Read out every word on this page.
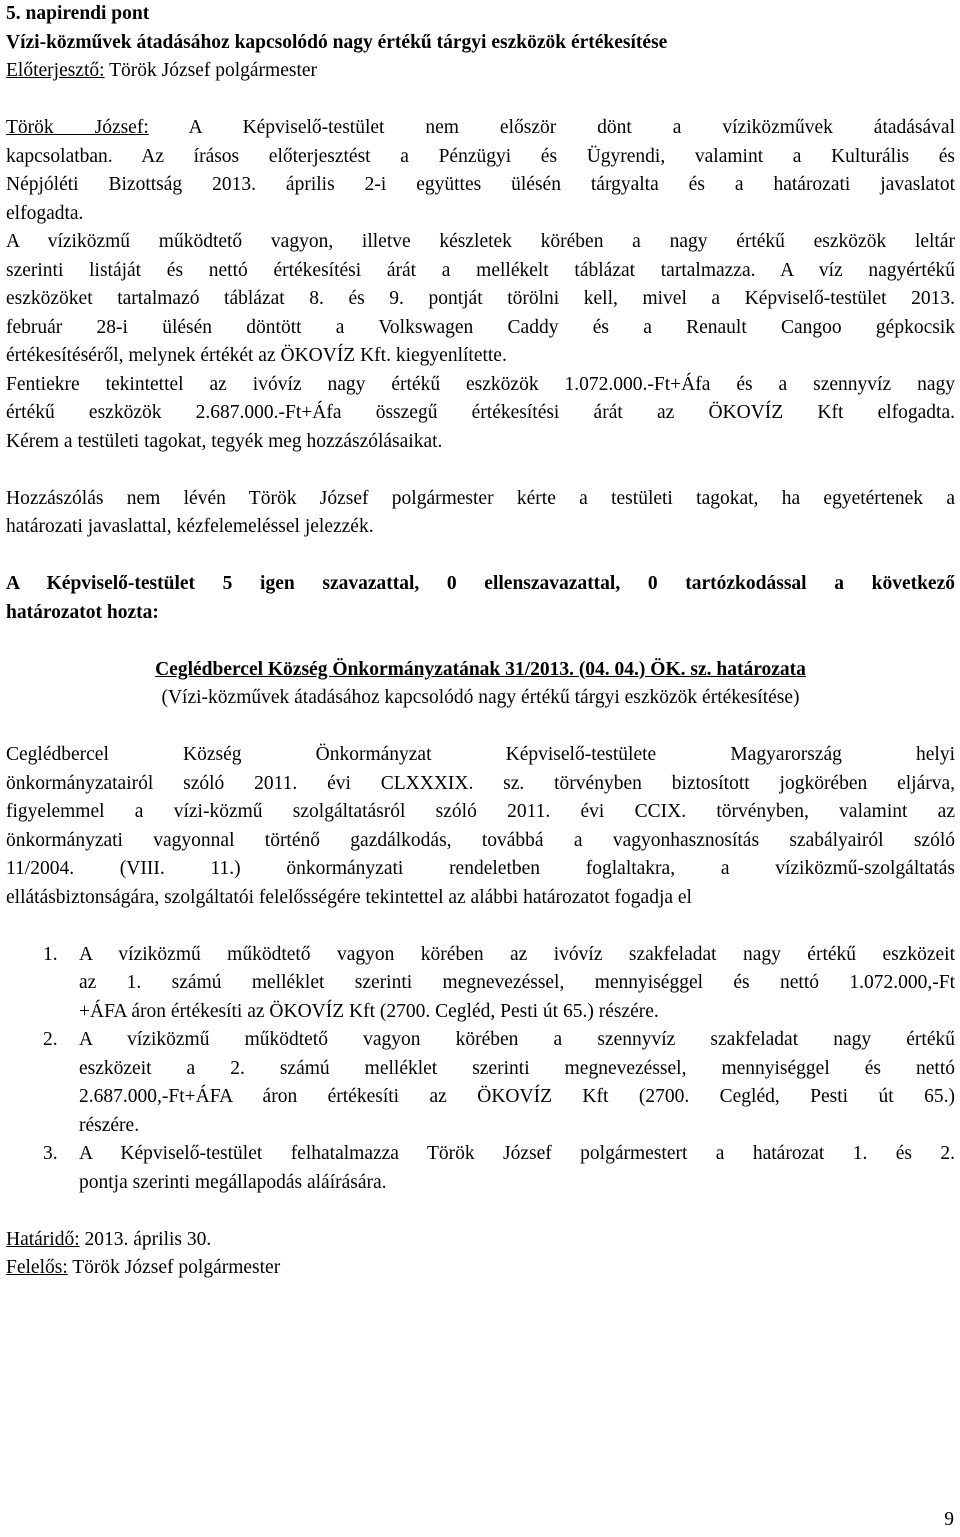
5. napirendi pont
Vízi-közművek átadásához kapcsolódó nagy értékű tárgyi eszközök értékesítése
Előterjesztő: Török József polgármester
Török József: A Képviselő-testület nem először dönt a víziközművek átadásával
kapcsolatban. Az írásos előterjesztést a Pénzügyi és Ügyrendi, valamint a Kulturális és
Népjóléti Bizottság 2013. április 2-i együttes ülésén tárgyalta és a határozati javaslatot
elfogadta.
A víziközmű működtető vagyon, illetve készletek körében a nagy értékű eszközök leltár
szerinti listáját és nettó értékesítési árát a mellékelt táblázat tartalmazza. A víz nagyértékű
eszközöket tartalmazó táblázat 8. és 9. pontját törölni kell, mivel a Képviselő-testület 2013.
február 28-i ülésén döntött a Volkswagen Caddy és a Renault Cangoo gépkocsik
értékesítéséről, melynek értékét az ÖKOVÍZ Kft. kiegyenlítette.
Fentiekre tekintettel az ivóvíz nagy értékű eszközök 1.072.000.-Ft+Áfa és a szennyvíz nagy
értékű eszközök 2.687.000.-Ft+Áfa összegű értékesítési árát az ÖKOVÍZ Kft elfogadta.
Kérem a testületi tagokat, tegyék meg hozzászólásaikat.
Hozzászólás nem lévén Török József polgármester kérte a testületi tagokat, ha egyetértenek a
határozati javaslattal, kézfelemeléssel jelezzék.
A Képviselő-testület 5 igen szavazattal, 0 ellenszavazattal, 0 tartózkodással a következő
határozatot hozta:
Ceglédbercel Község Önkormányzatának 31/2013. (04. 04.) ÖK. sz. határozata
(Vízi-közművek átadásához kapcsolódó nagy értékű tárgyi eszközök értékesítése)
Ceglédbercel Község Önkormányzat Képviselő-testülete Magyarország helyi
önkormányzatairól szóló 2011. évi CLXXXIX. sz. törvényben biztosított jogkörében eljárva,
figyelemmel a vízi-közmű szolgáltatásról szóló 2011. évi CCIX. törvényben, valamint az
önkormányzati vagyonnal történő gazdálkodás, továbbá a vagyonhasznosítás szabályairól szóló
11/2004. (VIII. 11.) önkormányzati rendeletben foglaltakra, a víziközmű-szolgáltatás
ellátásbiztonságára, szolgáltatói felelősségére tekintettel az alábbi határozatot fogadja el
1.	A víziközmű működtető vagyon körében az ivóvíz szakfeladat nagy értékű eszközeit
az 1. számú melléklet szerinti megnevezéssel, mennyiséggel és nettó 1.072.000,-Ft
+ÁFA áron értékesíti az ÖKOVÍZ Kft (2700. Cegléd, Pesti út 65.) részére.
2.	A víziközmű működtető vagyon körében a szennyvíz szakfeladat nagy értékű
eszközeit a 2. számú melléklet szerinti megnevezéssel, mennyiséggel és nettó
2.687.000,-Ft+ÁFA áron értékesíti az ÖKOVÍZ Kft (2700. Cegléd, Pesti út 65.)
részére.
3.	A Képviselő-testület felhatalmazza Török József polgármestert a határozat 1. és 2.
pontja szerinti megállapodás aláírására.
Határidő: 2013. április 30.
Felelős: Török József polgármester
9
